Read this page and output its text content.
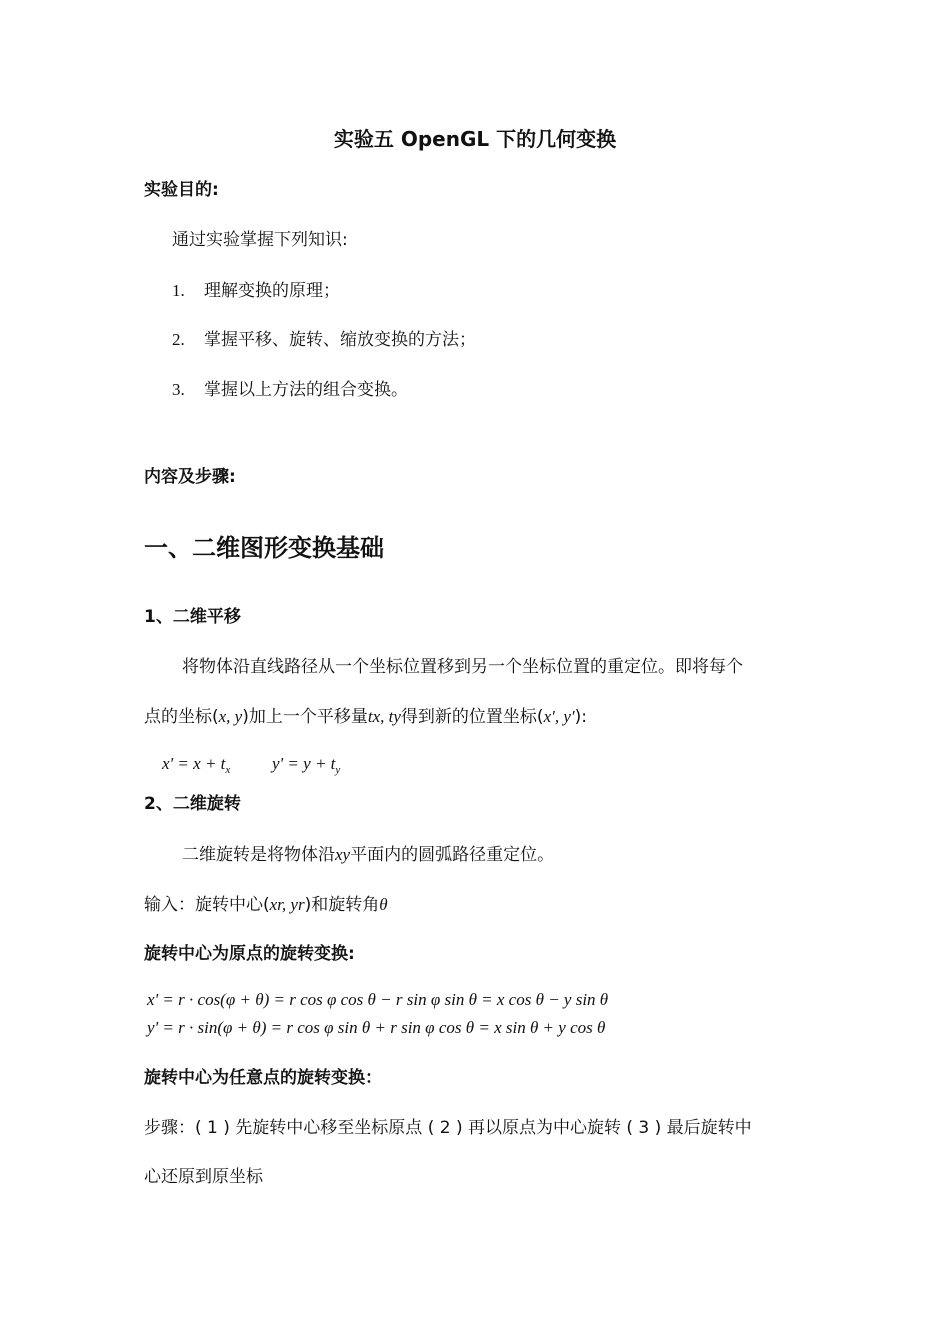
实验五 OpenGL 下的几何变换
实验目的:
通过实验掌握下列知识:
1. 理解变换的原理；
2. 掌握平移、旋转、缩放变换的方法；
3. 掌握以上方法的组合变换。
内容及步骤:
一、二维图形变换基础
1、二维平移
将物体沿直线路径从一个坐标位置移到另一个坐标位置的重定位。即将每个
点的坐标(x, y)加上一个平移量tx, ty得到新的位置坐标(x′, y′):
$x' = x + t_x$ $y' = y + t_y$
2、二维旋转
二维旋转是将物体沿xy平面内的圆弧路径重定位。
输入：旋转中心(xr, yr)和旋转角θ
旋转中心为原点的旋转变换:
x' = r · cos(φ + θ) = r cos φ cos θ − r sin φ sin θ = x cos θ − y sin θ
y' = r · sin(φ + θ) = r cos φ sin θ + r sin φ cos θ = x sin θ + y cos θ
旋转中心为任意点的旋转变换：
步骤：( 1 ) 先旋转中心移至坐标原点 ( 2 ) 再以原点为中心旋转 ( 3 ) 最后旋转中
心还原到原坐标
